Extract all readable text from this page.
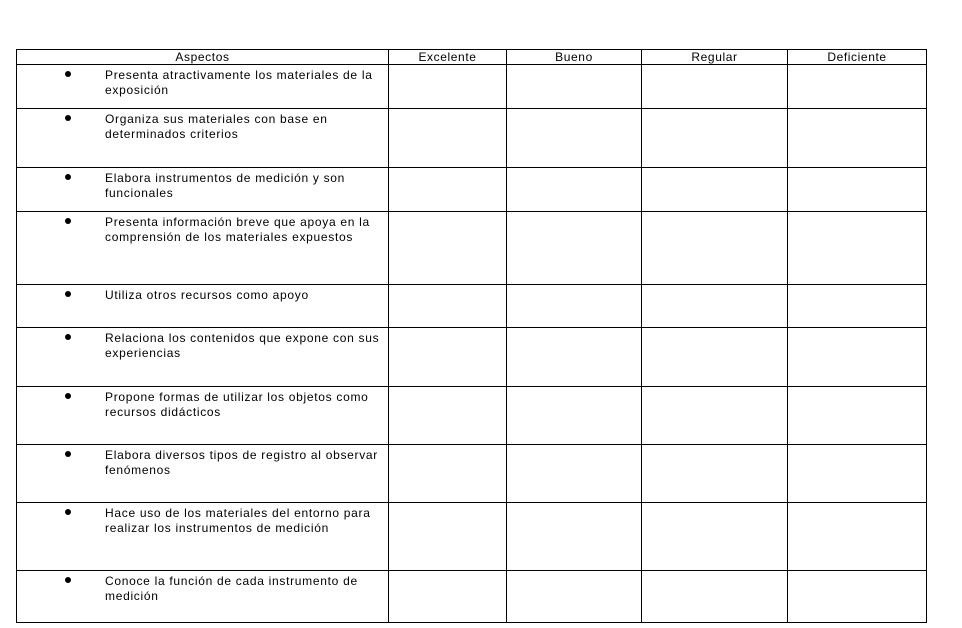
Aspectos	Excelente	Bueno	Regular	Deficiente

Presenta atractivamente los materiales de la exposición				

Organiza sus materiales con base en determinados criterios				

Elabora instrumentos de medición y son funcionales				

Presenta información breve que apoya en la comprensión de los materiales expuestos				

Utiliza otros recursos como apoyo				

Relaciona los contenidos que expone con sus experiencias				

Propone formas de utilizar los objetos como recursos didácticos				

Elabora diversos tipos de registro al observar fenómenos				

Hace uso de los materiales del entorno para realizar los instrumentos de medición				

Conoce la función de cada instrumento de medición				
